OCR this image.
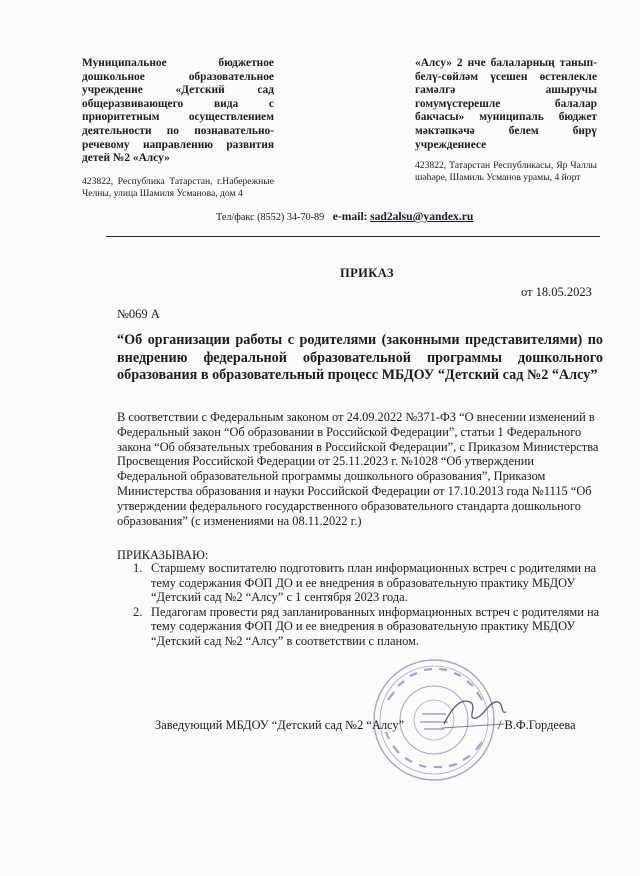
Муниципальное бюджетное дошкольное образовательное учреждение «Детский сад общеразвивающего вида с приоритетным осуществлением деятельности по познавательно-речевому направлению развития детей №2 «Алсу»
423822, Республика Татарстан, г.Набережные Челны, улица Шамиля Усманова, дом 4
«Алсу» 2 нче балаларның танып-белү-сөйләм үсешен өстенлекле гамәлгә ашыручы гомумүстерешле балалар бакчасы» муниципаль бюджет мәктәпкәчә белем бирү учреждениесе
423822, Татарстан Республикасы, Яр Чаллы шәһәре, Шамиль Усманов урамы, 4 йорт
Тел/факс (8552) 34-70-89 e-mail: sad2alsu@yandex.ru
ПРИКАЗ
от 18.05.2023
№069 А
“Об организации работы с родителями (законными представителями) по внедрению федеральной образовательной программы дошкольного образования в образовательный процесс МБДОУ “Детский сад №2 “Алсу”
В соответствии с Федеральным законом от 24.09.2022 №371-ФЗ “О внесении изменений в Федеральный закон “Об образовании в Российской Федерации”, статьи 1 Федерального закона “Об обязательных требования в Российской Федерации”, с Приказом Министерства Просвещения Российской Федерации от 25.11.2023 г. №1028 “Об утверждении Федеральной образовательной программы дошкольного образования”, Приказом Министерства образования и науки Российской Федерации от 17.10.2013 года №1115 “Об утверждении федерального государственного образовательного стандарта дошкольного образования” (с изменениями на 08.11.2022 г.)
ПРИКАЗЫВАЮ:
1. Старшему воспитателю подготовить план информационных встреч с родителями на тему содержания ФОП ДО и ее внедрения в образовательную практику МБДОУ “Детский сад №2 “Алсу” с 1 сентября 2023 года.
2. Педагогам провести ряд запланированных информационных встреч с родителями на тему содержания ФОП ДО и ее внедрения в образовательную практику МБДОУ “Детский сад №2 “Алсу” в соответствии с планом.
Заведующий МБДОУ “Детский сад №2 “Алсу”	/ В.Ф.Гордеева
